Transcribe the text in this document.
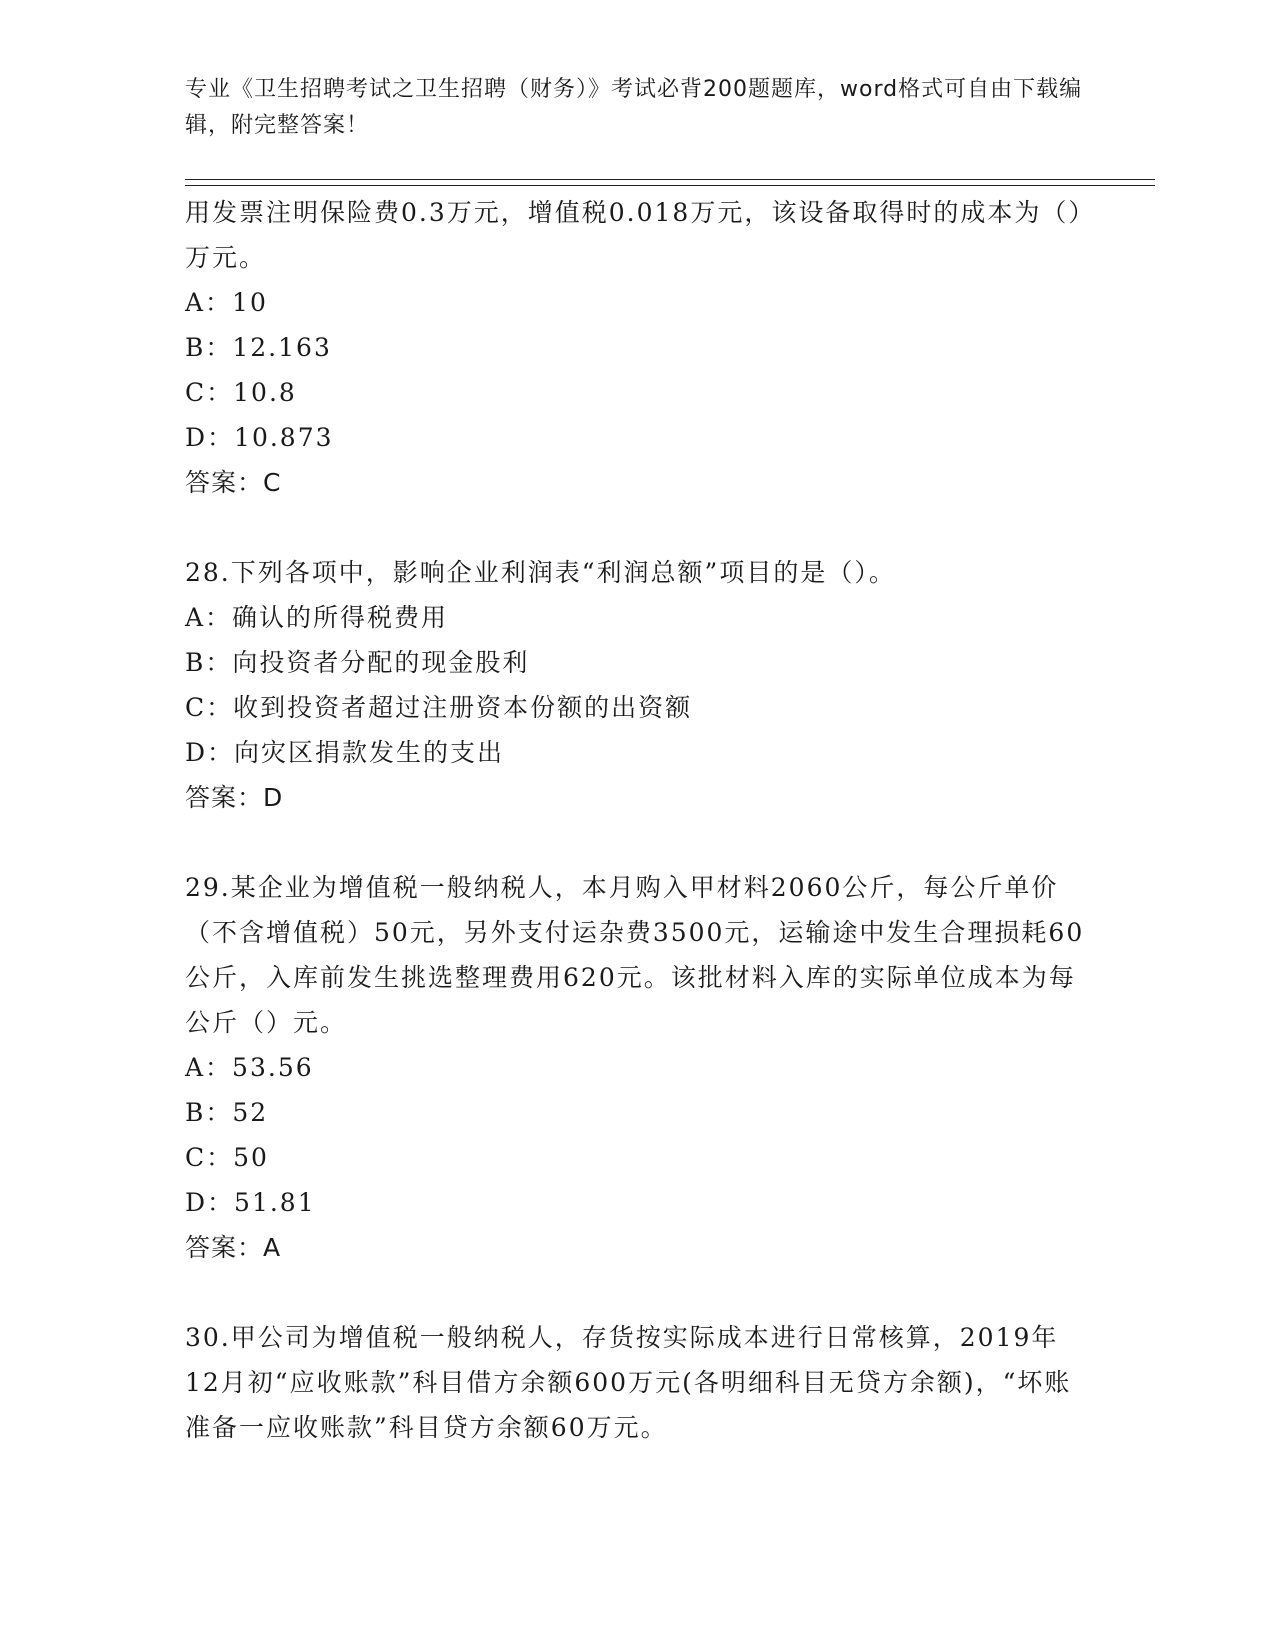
专业《卫生招聘考试之卫生招聘（财务）》考试必背200题题库，word格式可自由下载编辑，附完整答案！

用发票注明保险费0.3万元，增值税0.018万元，该设备取得时的成本为（）万元。

A：10

B：12.163

C：10.8

D：10.873

答案：C

28.下列各项中，影响企业利润表“利润总额”项目的是（）。

A：确认的所得税费用

B：向投资者分配的现金股利

C：收到投资者超过注册资本份额的出资额

D：向灾区捐款发生的支出

答案：D

29.某企业为增值税一般纳税人，本月购入甲材料2060公斤，每公斤单价（不含增值税）50元，另外支付运杂费3500元，运输途中发生合理损耗60公斤，入库前发生挑选整理费用620元。该批材料入库的实际单位成本为每公斤（）元。

A：53.56

B：52

C：50

D：51.81

答案：A

30.甲公司为增值税一般纳税人，存货按实际成本进行日常核算，2019年12月初“应收账款”科目借方余额600万元(各明细科目无贷方余额)，“坏账准备一应收账款”科目贷方余额60万元。
